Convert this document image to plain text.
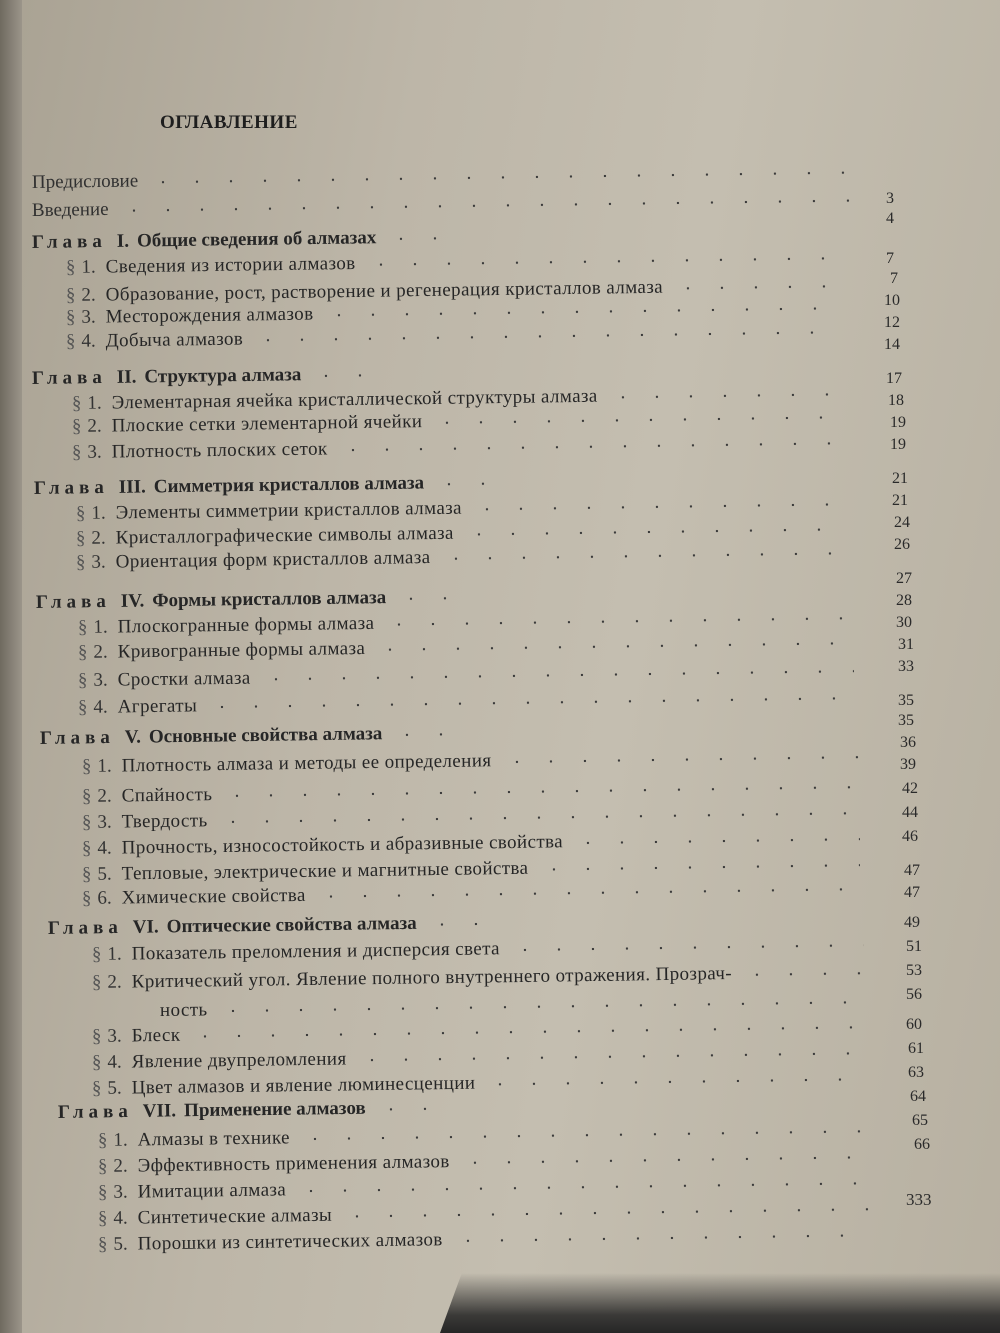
ОГЛАВЛЕНИЕ
Предисловие
Введение
Глава I. Общие сведения об алмазах
§ 1. Сведения из истории алмазов
§ 2. Образование, рост, растворение и регенерация кристаллов алмаза
§ 3. Месторождения алмазов
§ 4. Добыча алмазов
Глава II. Структура алмаза
§ 1. Элементарная ячейка кристаллической структуры алмаза
§ 2. Плоские сетки элементарной ячейки
§ 3. Плотность плоских сеток
Глава III. Симметрия кристаллов алмаза
§ 1. Элементы симметрии кристаллов алмаза
§ 2. Кристаллографические символы алмаза
§ 3. Ориентация форм кристаллов алмаза
Глава IV. Формы кристаллов алмаза
§ 1. Плоскогранные формы алмаза
§ 2. Кривогранные формы алмаза
§ 3. Сростки алмаза
§ 4. Агрегаты
Глава V. Основные свойства алмаза
§ 1. Плотность алмаза и методы ее определения
§ 2. Спайность
§ 3. Твердость
§ 4. Прочность, износостойкость и абразивные свойства
§ 5. Тепловые, электрические и магнитные свойства
§ 6. Химические свойства
Глава VI. Оптические свойства алмаза
§ 1. Показатель преломления и дисперсия света
§ 2. Критический угол. Явление полного внутреннего отражения. Прозрач-
ность
§ 3. Блеск
§ 4. Явление двупреломления
§ 5. Цвет алмазов и явление люминесценции
Глава VII. Применение алмазов
§ 1. Алмазы в технике
§ 2. Эффективность применения алмазов
§ 3. Имитации алмаза
§ 4. Синтетические алмазы
§ 5. Порошки из синтетических алмазов
3
4
7
7
10
12
14
17
18
19
19
21
21
24
26
27
28
30
31
33
35
35
36
39
42
44
46
47
47
49
51
53
56
60
61
63
64
65
66
333
